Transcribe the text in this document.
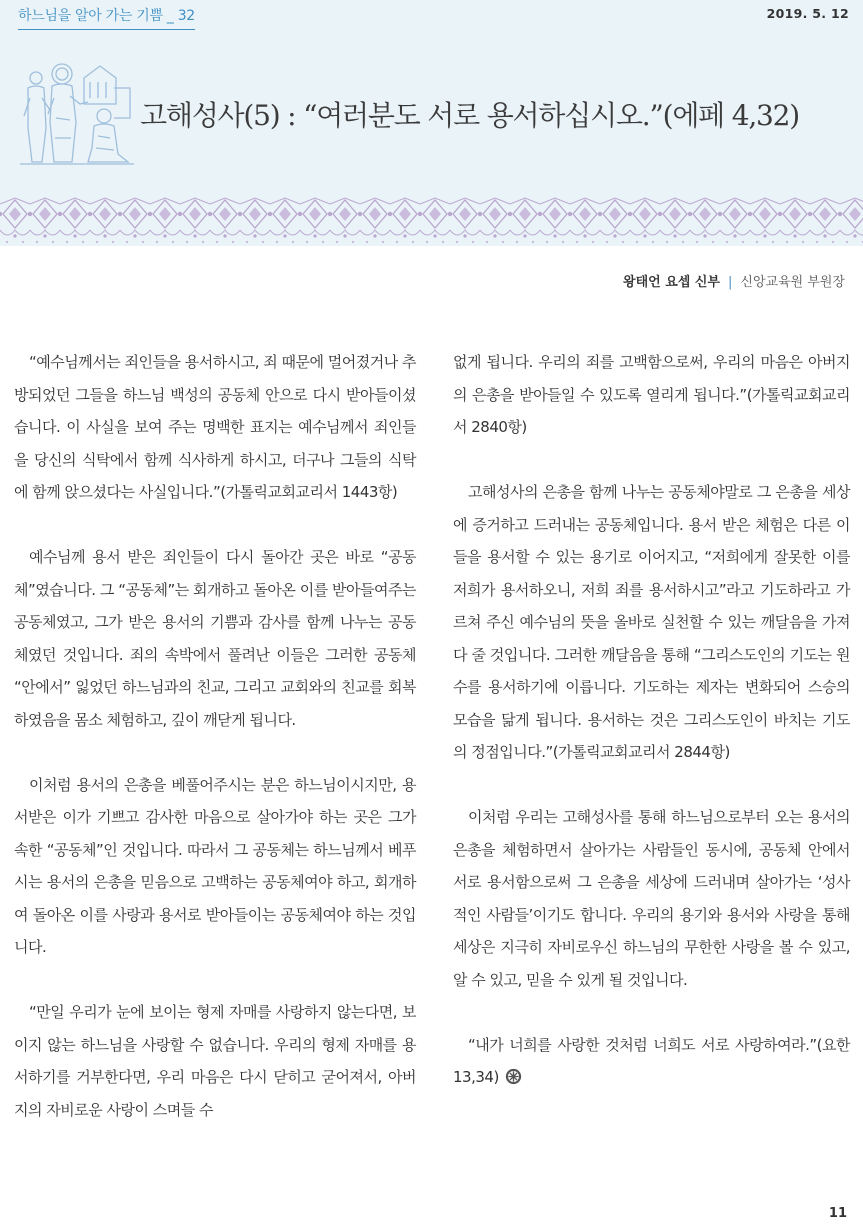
하느님을 알아 가는 기쁨 _ 32	2019. 5. 12
고해성사(5) : “여러분도 서로 용서하십시오.”(에페 4,32)
왕태언 요셉 신부 | 신앙교육원 부원장

“예수님께서는 죄인들을 용서하시고, 죄 때문에 멀어졌거나 추방되었던 그들을 하느님 백성의 공동체 안으로 다시 받아들이셨습니다. 이 사실을 보여 주는 명백한 표지는 예수님께서 죄인들을 당신의 식탁에서 함께 식사하게 하시고, 더구나 그들의 식탁에 함께 앉으셨다는 사실입니다.”(가톨릭교회교리서 1443항)

예수님께 용서 받은 죄인들이 다시 돌아간 곳은 바로 “공동체”였습니다. 그 “공동체”는 회개하고 돌아온 이를 받아들여주는 공동체였고, 그가 받은 용서의 기쁨과 감사를 함께 나누는 공동체였던 것입니다. 죄의 속박에서 풀려난 이들은 그러한 공동체 “안에서” 잃었던 하느님과의 친교, 그리고 교회와의 친교를 회복하였음을 몸소 체험하고, 깊이 깨닫게 됩니다.

이처럼 용서의 은총을 베풀어주시는 분은 하느님이시지만, 용서받은 이가 기쁘고 감사한 마음으로 살아가야 하는 곳은 그가 속한 “공동체”인 것입니다. 따라서 그 공동체는 하느님께서 베푸시는 용서의 은총을 믿음으로 고백하는 공동체여야 하고, 회개하여 돌아온 이를 사랑과 용서로 받아들이는 공동체여야 하는 것입니다.

“만일 우리가 눈에 보이는 형제 자매를 사랑하지 않는다면, 보이지 않는 하느님을 사랑할 수 없습니다. 우리의 형제 자매를 용서하기를 거부한다면, 우리 마음은 다시 닫히고 굳어져서, 아버지의 자비로운 사랑이 스며들 수

없게 됩니다. 우리의 죄를 고백함으로써, 우리의 마음은 아버지의 은총을 받아들일 수 있도록 열리게 됩니다.”(가톨릭교회교리서 2840항)

고해성사의 은총을 함께 나누는 공동체야말로 그 은총을 세상에 증거하고 드러내는 공동체입니다. 용서 받은 체험은 다른 이들을 용서할 수 있는 용기로 이어지고, “저희에게 잘못한 이를 저희가 용서하오니, 저희 죄를 용서하시고”라고 기도하라고 가르쳐 주신 예수님의 뜻을 올바로 실천할 수 있는 깨달음을 가져다 줄 것입니다. 그러한 깨달음을 통해 “그리스도인의 기도는 원수를 용서하기에 이릅니다. 기도하는 제자는 변화되어 스승의 모습을 닮게 됩니다. 용서하는 것은 그리스도인이 바치는 기도의 정점입니다.”(가톨릭교회교리서 2844항)

이처럼 우리는 고해성사를 통해 하느님으로부터 오는 용서의 은총을 체험하면서 살아가는 사람들인 동시에, 공동체 안에서 서로 용서함으로써 그 은총을 세상에 드러내며 살아가는 ‘성사적인 사람들’이기도 합니다. 우리의 용기와 용서와 사랑을 통해 세상은 지극히 자비로우신 하느님의 무한한 사랑을 볼 수 있고, 알 수 있고, 믿을 수 있게 될 것입니다.

“내가 너희를 사랑한 것처럼 너희도 서로 사랑하여라.”(요한 13,34)

11
